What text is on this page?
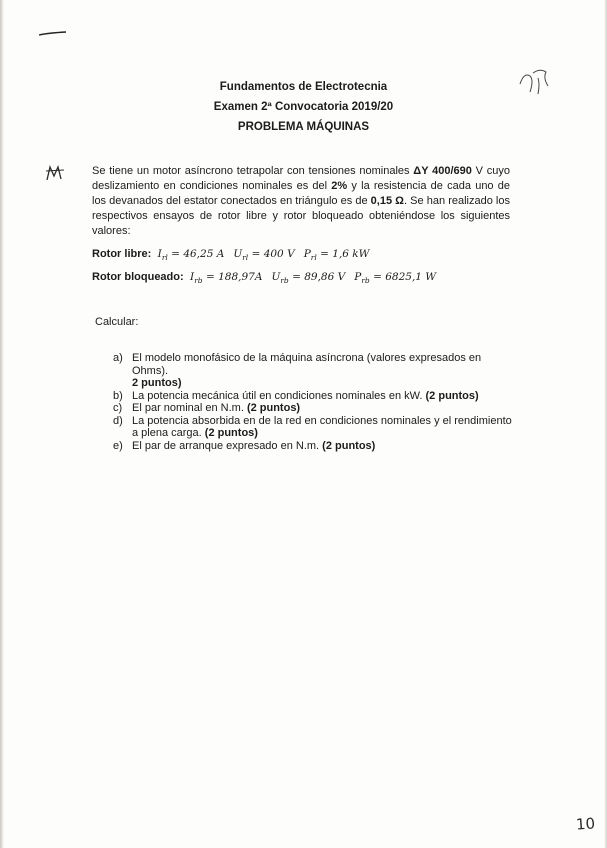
10
Fundamentos de Electrotecnia
Examen 2ª Convocatoria 2019/20
PROBLEMA MÁQUINAS
Se tiene un motor asíncrono tetrapolar con tensiones nominales ΔY 400/690 V cuyo deslizamiento en condiciones nominales es del 2% y la resistencia de cada uno de los devanados del estator conectados en triángulo es de 0,15 Ω. Se han realizado los respectivos ensayos de rotor libre y rotor bloqueado obteniéndose los siguientes valores:
Rotor libre:  $I_{rl} = 46,25$ A $U_{rl} = 400$ V $P_{rl} = 1,6$ kW
Rotor bloqueado:  $I_{rb} = 188,97A$ $U_{rb} = 89,86$ V $P_{rb} = 6825,1$ W
Calcular:
a) El modelo monofásico de la máquina asíncrona (valores expresados en Ohms).
2 puntos)
b) La potencia mecánica útil en condiciones nominales en kW. (2 puntos)
c) El par nominal en N.m. (2 puntos)
d) La potencia absorbida en de la red en condiciones nominales y el rendimiento a plena carga. (2 puntos)
e) El par de arranque expresado en N.m. (2 puntos)
